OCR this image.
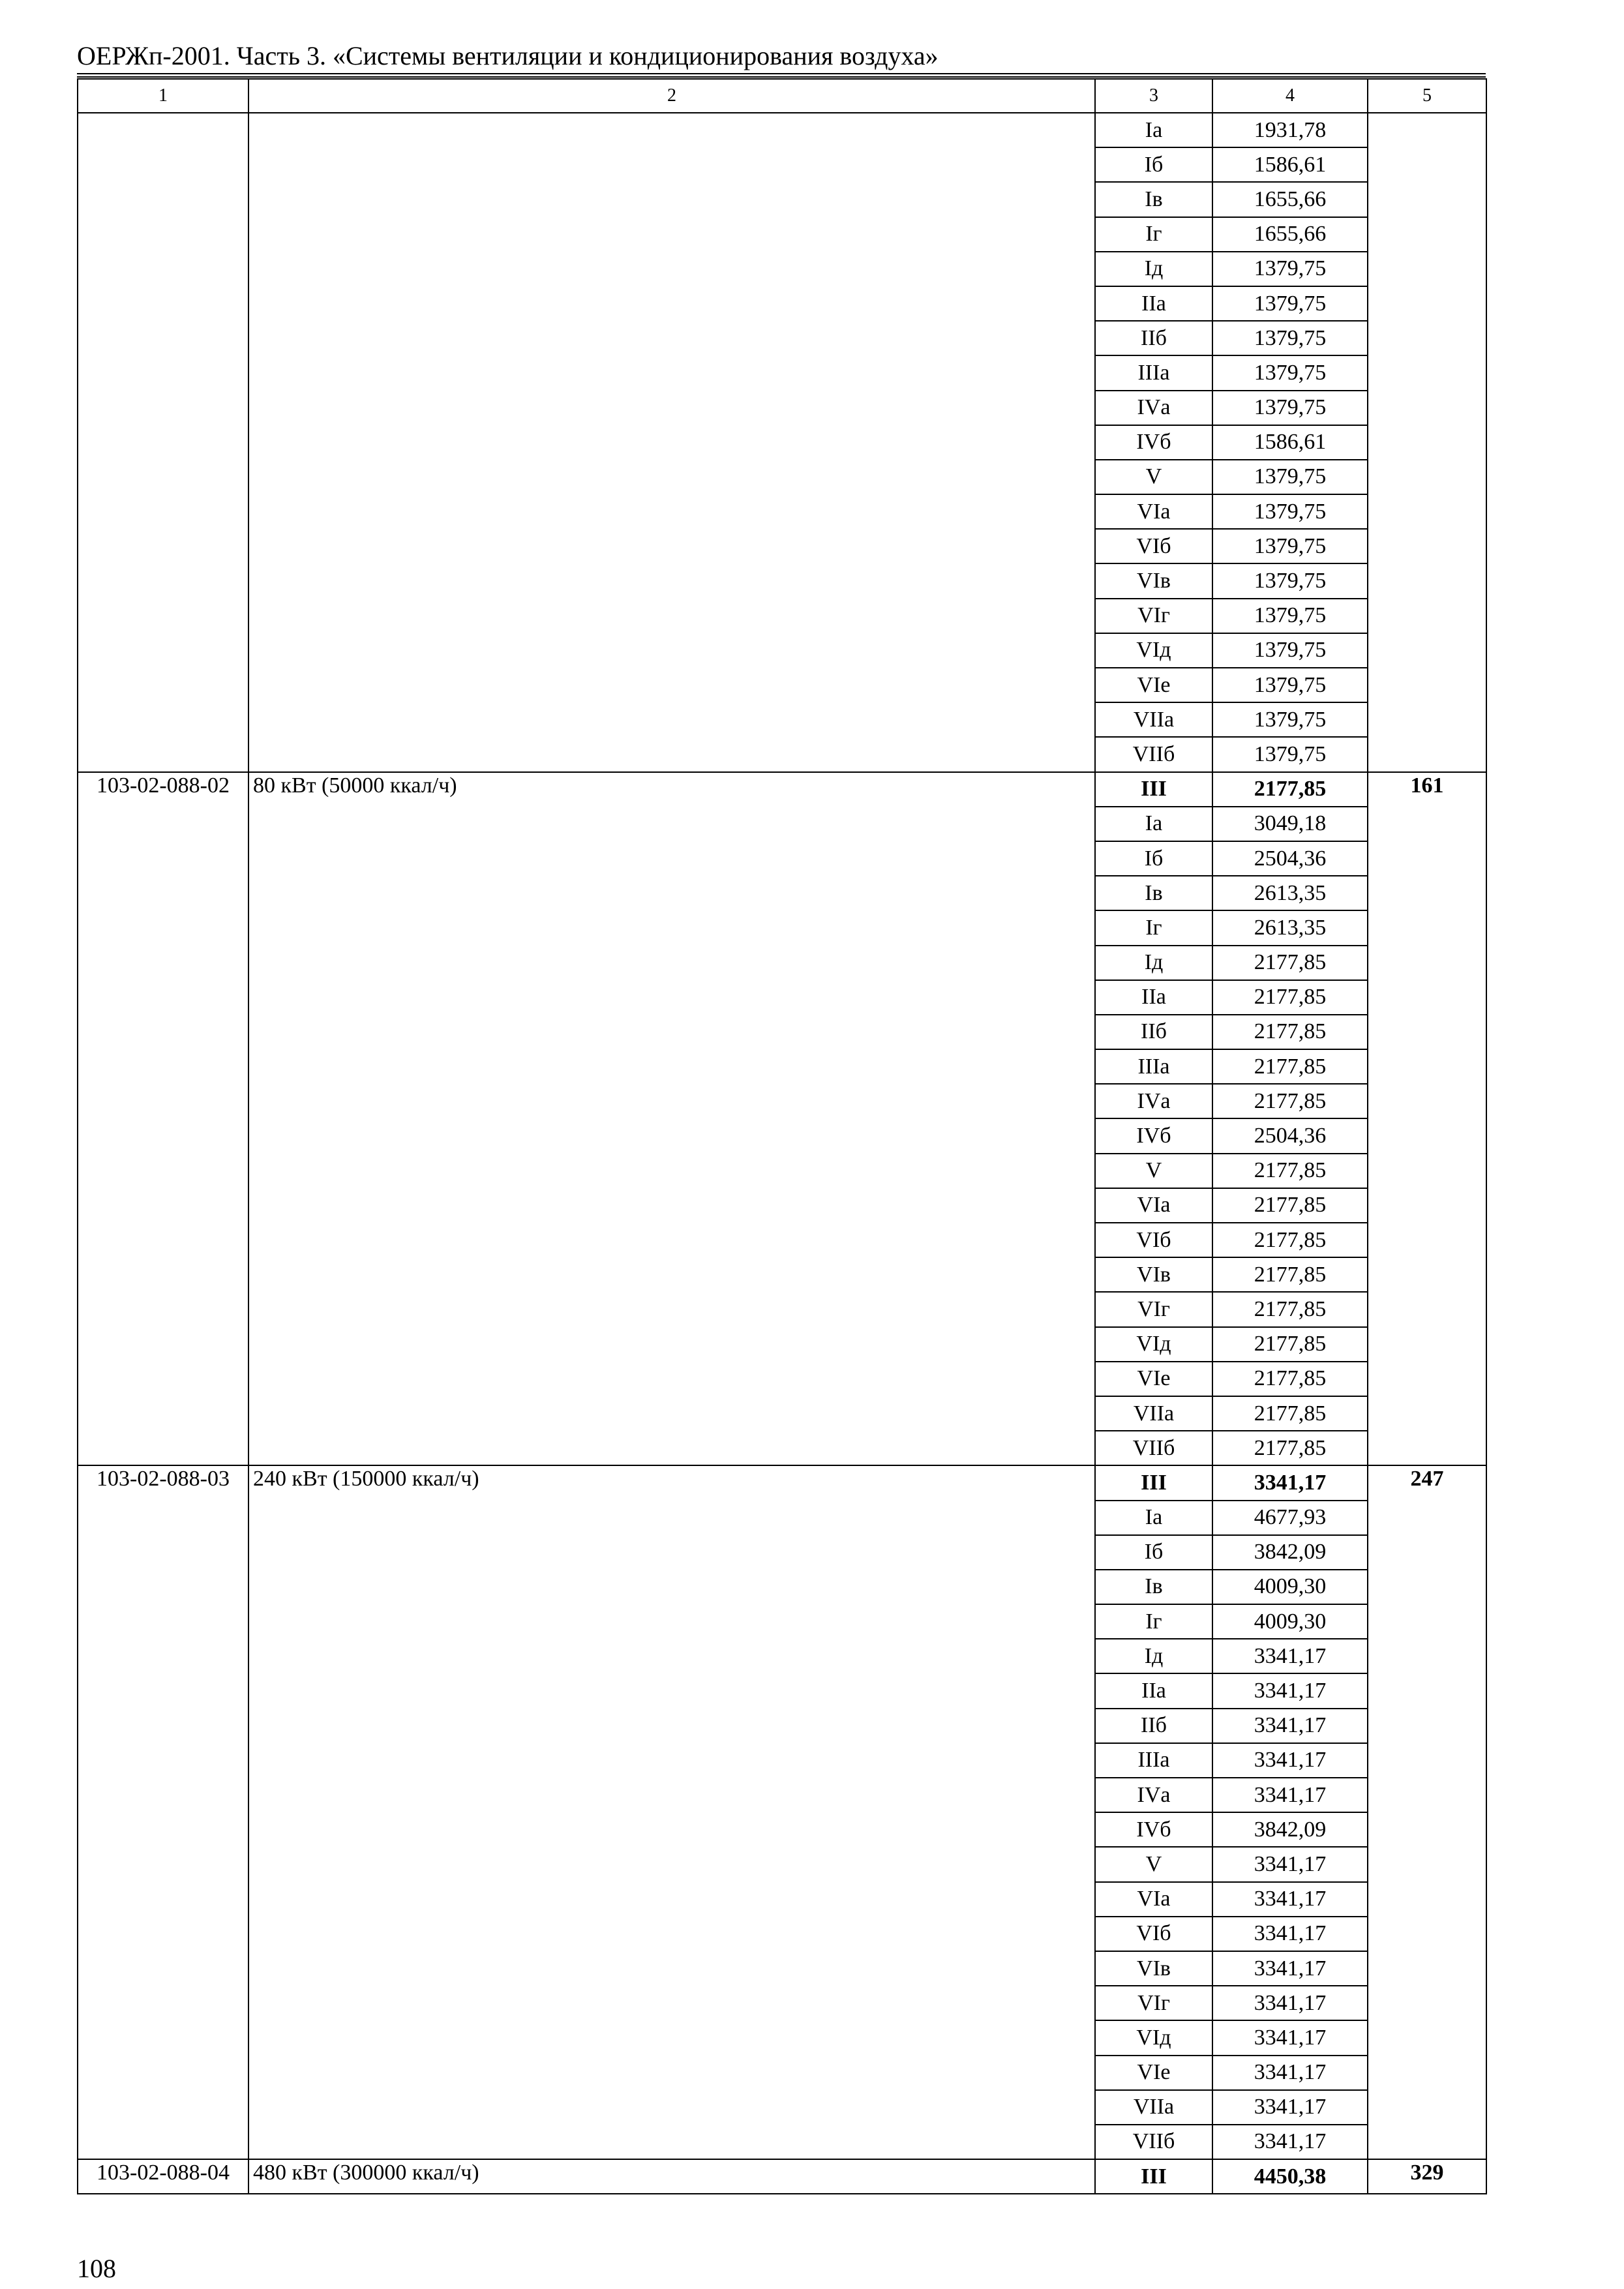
ОЕРЖп-2001. Часть 3. «Системы вентиляции и кондиционирования воздуха»
1	2	3	4	5
		Iа	1931,78	
		Iб	1586,61	
		Iв	1655,66	
		Iг	1655,66	
		Iд	1379,75	
		IIа	1379,75	
		IIб	1379,75	
		IIIа	1379,75	
		IVа	1379,75	
		IVб	1586,61	
		V	1379,75	
		VIа	1379,75	
		VIб	1379,75	
		VIв	1379,75	
		VIг	1379,75	
		VIд	1379,75	
		VIе	1379,75	
		VIIа	1379,75	
		VIIб	1379,75	
103-02-088-02	80 кВт (50000 ккал/ч)	III	2177,85	161
		Iа	3049,18	
		Iб	2504,36	
		Iв	2613,35	
		Iг	2613,35	
		Iд	2177,85	
		IIа	2177,85	
		IIб	2177,85	
		IIIа	2177,85	
		IVа	2177,85	
		IVб	2504,36	
		V	2177,85	
		VIа	2177,85	
		VIб	2177,85	
		VIв	2177,85	
		VIг	2177,85	
		VIд	2177,85	
		VIе	2177,85	
		VIIа	2177,85	
		VIIб	2177,85	
103-02-088-03	240 кВт (150000 ккал/ч)	III	3341,17	247
		Iа	4677,93	
		Iб	3842,09	
		Iв	4009,30	
		Iг	4009,30	
		Iд	3341,17	
		IIа	3341,17	
		IIб	3341,17	
		IIIа	3341,17	
		IVа	3341,17	
		IVб	3842,09	
		V	3341,17	
		VIа	3341,17	
		VIб	3341,17	
		VIв	3341,17	
		VIг	3341,17	
		VIд	3341,17	
		VIе	3341,17	
		VIIа	3341,17	
		VIIб	3341,17	
103-02-088-04	480 кВт (300000 ккал/ч)	III	4450,38	329
108
